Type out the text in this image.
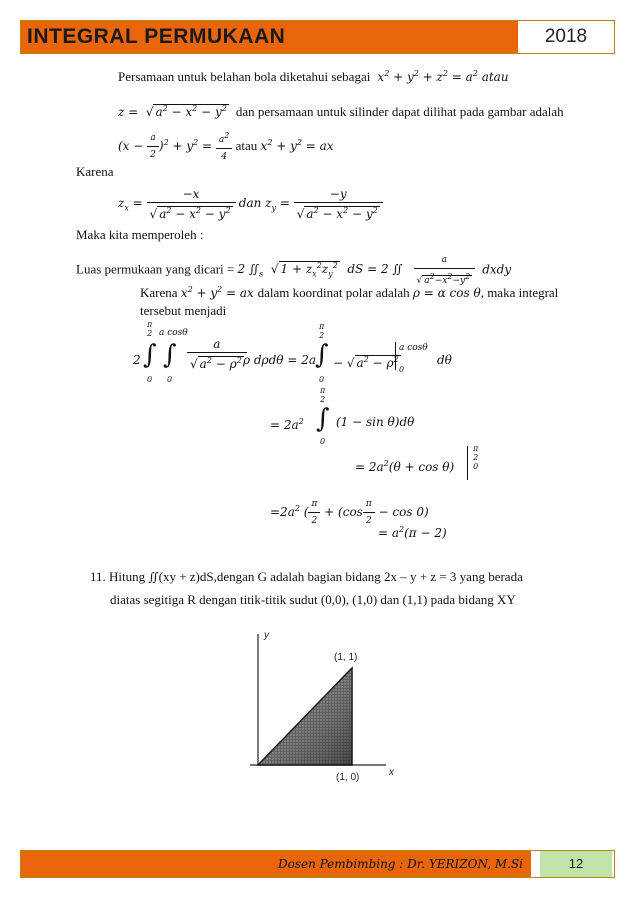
INTEGRAL PERMUKAAN	2018
Persamaan untuk belahan bola diketahui sebagai  $x^2 + y^2 + z^2 = a^2$ atau
z =  √ $a^2 - x^2 - y^2$ dan persamaan untuk silinder dapat dilihat pada gambar adalah
$(x - \frac{a}{2} )^2 + y^2 = \frac{a^2}{4}$ atau $x^2 + y^2$ = ax
Karena
$z_x = \frac{-x}{√ a^2 - x^2 - y^2}$ dan $z_y = \frac{-y}{√ a^2 - x^2 - y^2}$
Maka kita memperoleh :
Luas permukaan yang dicari = 2 $∬_s$  √ $1 + z_x^2z_y^2$  dS = 2 ∬ $\frac{a}{√ a^2-x^2-y^2}$ dxdy
Karena $x^2 + y^2$ = ax dalam koordinat polar adalah ρ = α cos θ, maka integral
tersebut menjadi
π
2 a cosθ
2 ∫ ∫
0 0
$\frac{a}{√ a^2 - \rho^2}$
ρ dρdθ = 2a
π
2
∫
0
− √ $a^2 - \rho^2$
a cosθ
0
dθ
π
2
= $2a^2$ ∫
0
(1 − sin θ)dθ
= $2a^2(\theta + \cos \theta)$
π
2
0
$=2a^2$ ( $\frac{\pi}{2} + (\cos \frac{\pi}{2} - \cos 0)$
= $a^2(\pi - 2)$
11. Hitung ∬(xy + z)dS,dengan G adalah bagian bidang 2x – y + z = 3 yang berada
diatas segitiga R dengan titik-titik sudut (0,0), (1,0) dan (1,1) pada bidang XY
y
x
(1, 1)
(1, 0)
Dosen Pembimbing : Dr. YERIZON, M.Si	12
